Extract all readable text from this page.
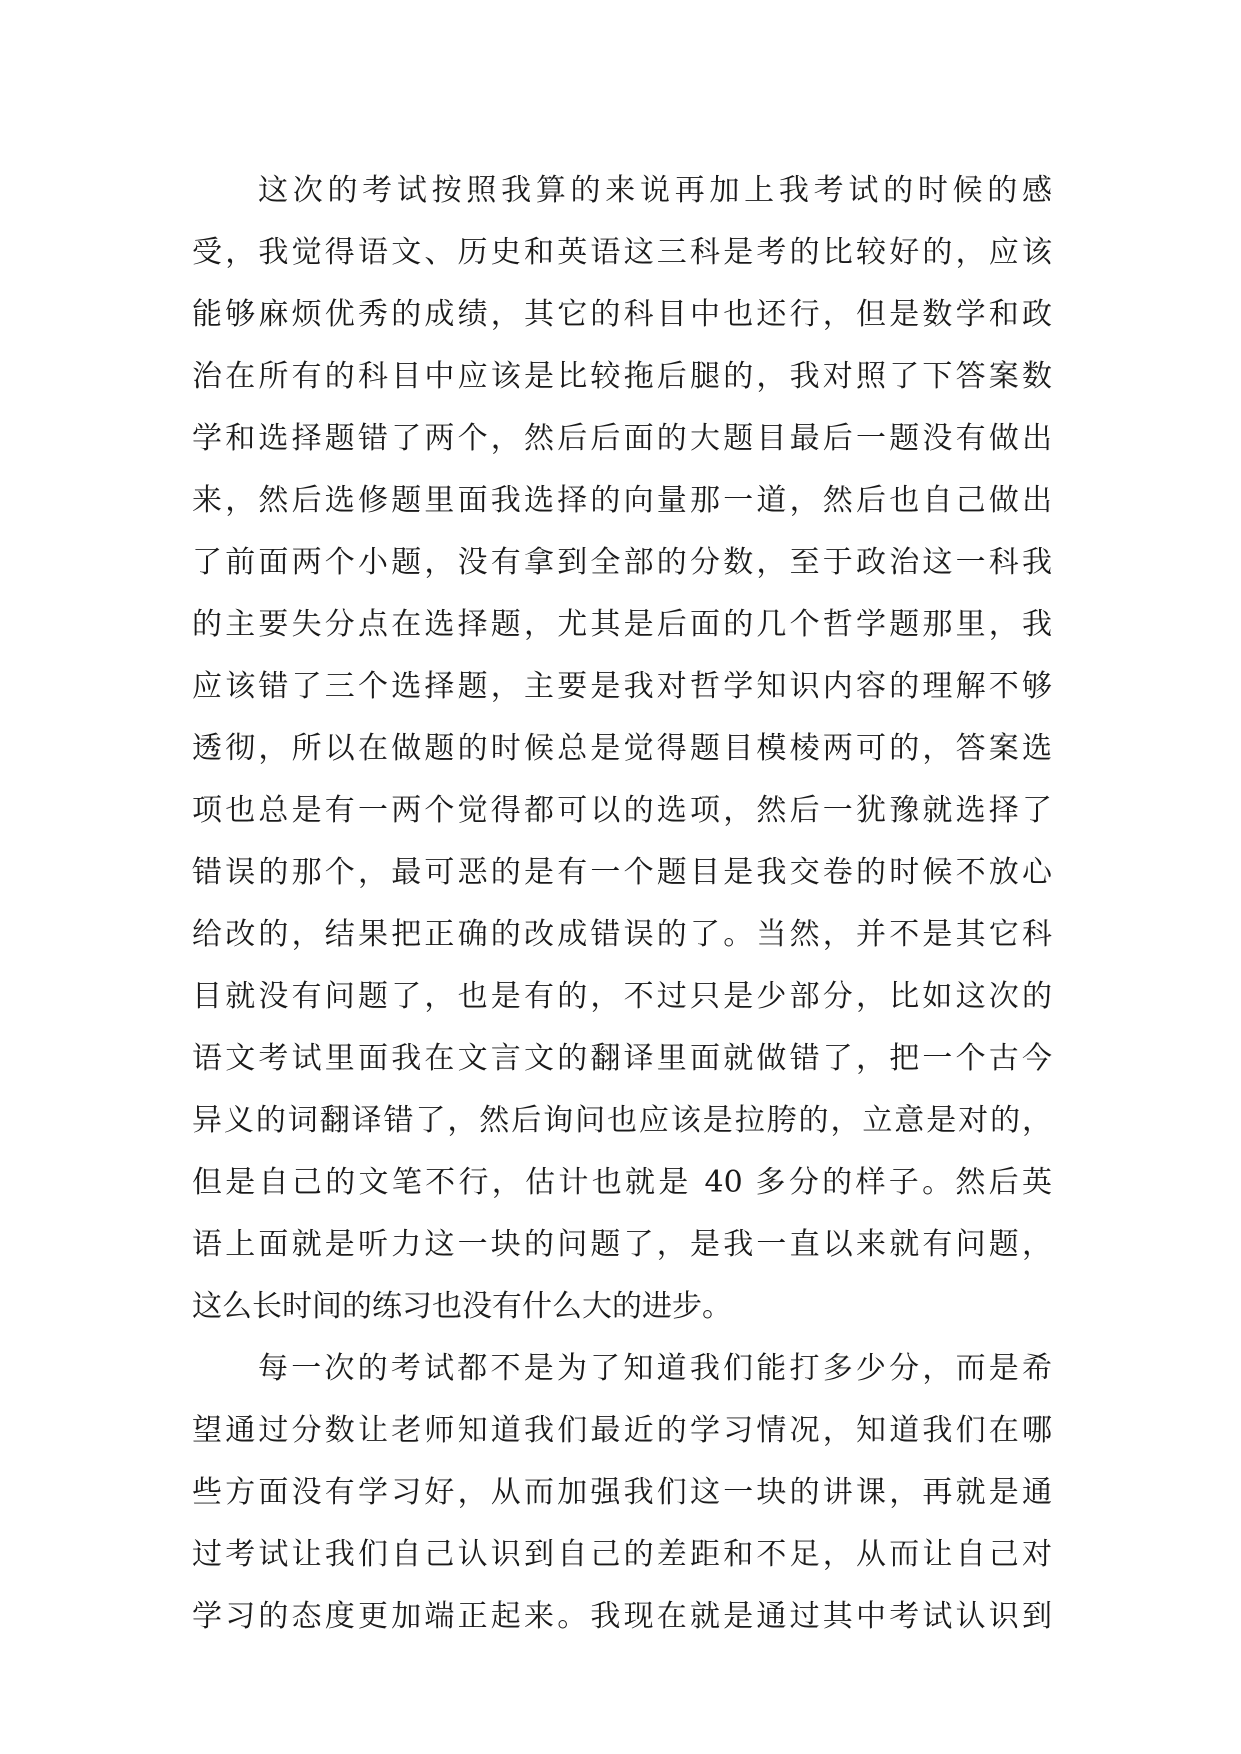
这次的考试按照我算的来说再加上我考试的时候的感
受，我觉得语文、历史和英语这三科是考的比较好的，应该
能够麻烦优秀的成绩，其它的科目中也还行，但是数学和政
治在所有的科目中应该是比较拖后腿的，我对照了下答案数
学和选择题错了两个，然后后面的大题目最后一题没有做出
来，然后选修题里面我选择的向量那一道，然后也自己做出
了前面两个小题，没有拿到全部的分数，至于政治这一科我
的主要失分点在选择题，尤其是后面的几个哲学题那里，我
应该错了三个选择题，主要是我对哲学知识内容的理解不够
透彻，所以在做题的时候总是觉得题目模棱两可的，答案选
项也总是有一两个觉得都可以的选项，然后一犹豫就选择了
错误的那个，最可恶的是有一个题目是我交卷的时候不放心
给改的，结果把正确的改成错误的了。当然，并不是其它科
目就没有问题了，也是有的，不过只是少部分，比如这次的
语文考试里面我在文言文的翻译里面就做错了，把一个古今
异义的词翻译错了，然后询问也应该是拉胯的，立意是对的，
但是自己的文笔不行，估计也就是 40 多分的样子。然后英
语上面就是听力这一块的问题了，是我一直以来就有问题，
这么长时间的练习也没有什么大的进步。
每一次的考试都不是为了知道我们能打多少分，而是希
望通过分数让老师知道我们最近的学习情况，知道我们在哪
些方面没有学习好，从而加强我们这一块的讲课，再就是通
过考试让我们自己认识到自己的差距和不足，从而让自己对
学习的态度更加端正起来。我现在就是通过其中考试认识到
